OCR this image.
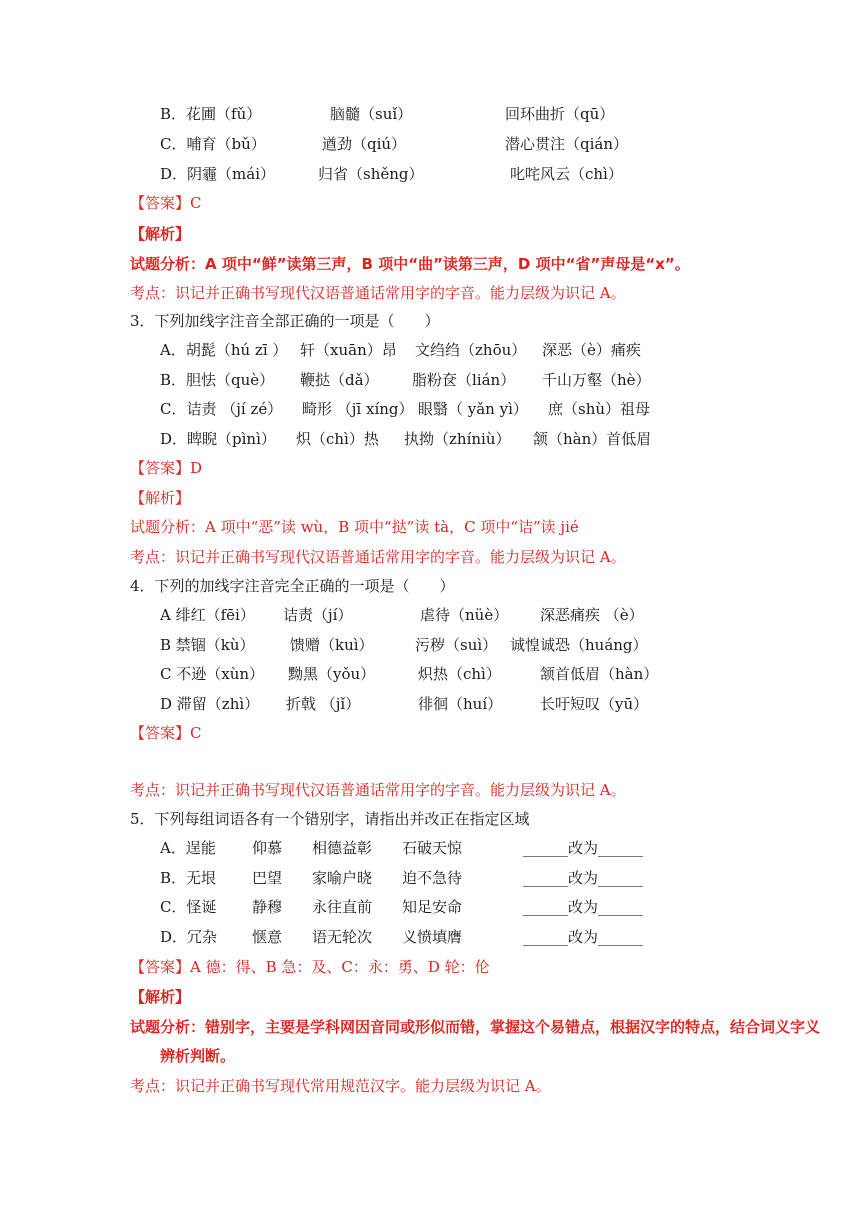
B．花圃（fǔ）	脑髓（suǐ）	回环曲折（qū）
C．哺育（bǔ）	遒劲（qiú）	潜心贯注（qián）
D．阴霾（mái）	归省（shěng）	叱咤风云（chì）
【答案】C
【解析】
试题分析：A 项中“鲜”读第三声，B 项中“曲”读第三声，D 项中“省”声母是“x”。
考点：识记并正确书写现代汉语普通话常用字的字音。能力层级为识记 A。
3．下列加线字注音全部正确的一项是（　　）
A．胡髭（hú zī ） 轩（xuān）昂 文绉绉（zhōu） 深恶（è）痛疾
B．胆怯（què） 鞭挞（dǎ） 脂粉奁（lián） 千山万壑（hè）
C．诘责 （jí zé） 畸形 （jī xíng） 眼翳（ yǎn yì） 庶（shù）祖母
D．睥睨（pìnì） 炽（chì）热 执拗（zhíniù） 颔（hàn）首低眉
【答案】D
【解析】
试题分析：A 项中“恶”读 wù，B 项中“挞”读 tà，C 项中“诘”读 jié
考点：识记并正确书写现代汉语普通话常用字的字音。能力层级为识记 A。
4．下列的加线字注音完全正确的一项是（　　）
A 绯红（fēi） 诘责（jí）	虐待（nüè） 深恶痛疾 （è）
B 禁锢（kù） 馈赠（kuì）	污秽（suì） 诚惶诚恐（huáng）
C 不逊（xùn） 黝黑（yǒu）	炽热（chì）	颔首低眉（hàn）
D 滞留（zhì） 折戟 （jǐ）	徘徊（huí）	长吁短叹（yū）
【答案】C
考点：识记并正确书写现代汉语普通话常用字的字音。能力层级为识记 A。
5．下列每组词语各有一个错别字，请指出并改正在指定区域
A．逞能 仰慕 相德益彰 石破天惊	______改为______
B．无垠 巴望 家喻户晓 迫不急待	______改为______
C．怪诞 静穆 永往直前 知足安命	______改为______
D．冗杂 惬意 语无轮次 义愤填膺	______改为______
【答案】A 德：得、B 急：及、C：永：勇、D 轮：伦
【解析】
试题分析：错别字，主要是学科网因音同或形似而错，掌握这个易错点，根据汉字的特点，结合词义字义
辨析判断。
考点：识记并正确书写现代常用规范汉字。能力层级为识记 A。
